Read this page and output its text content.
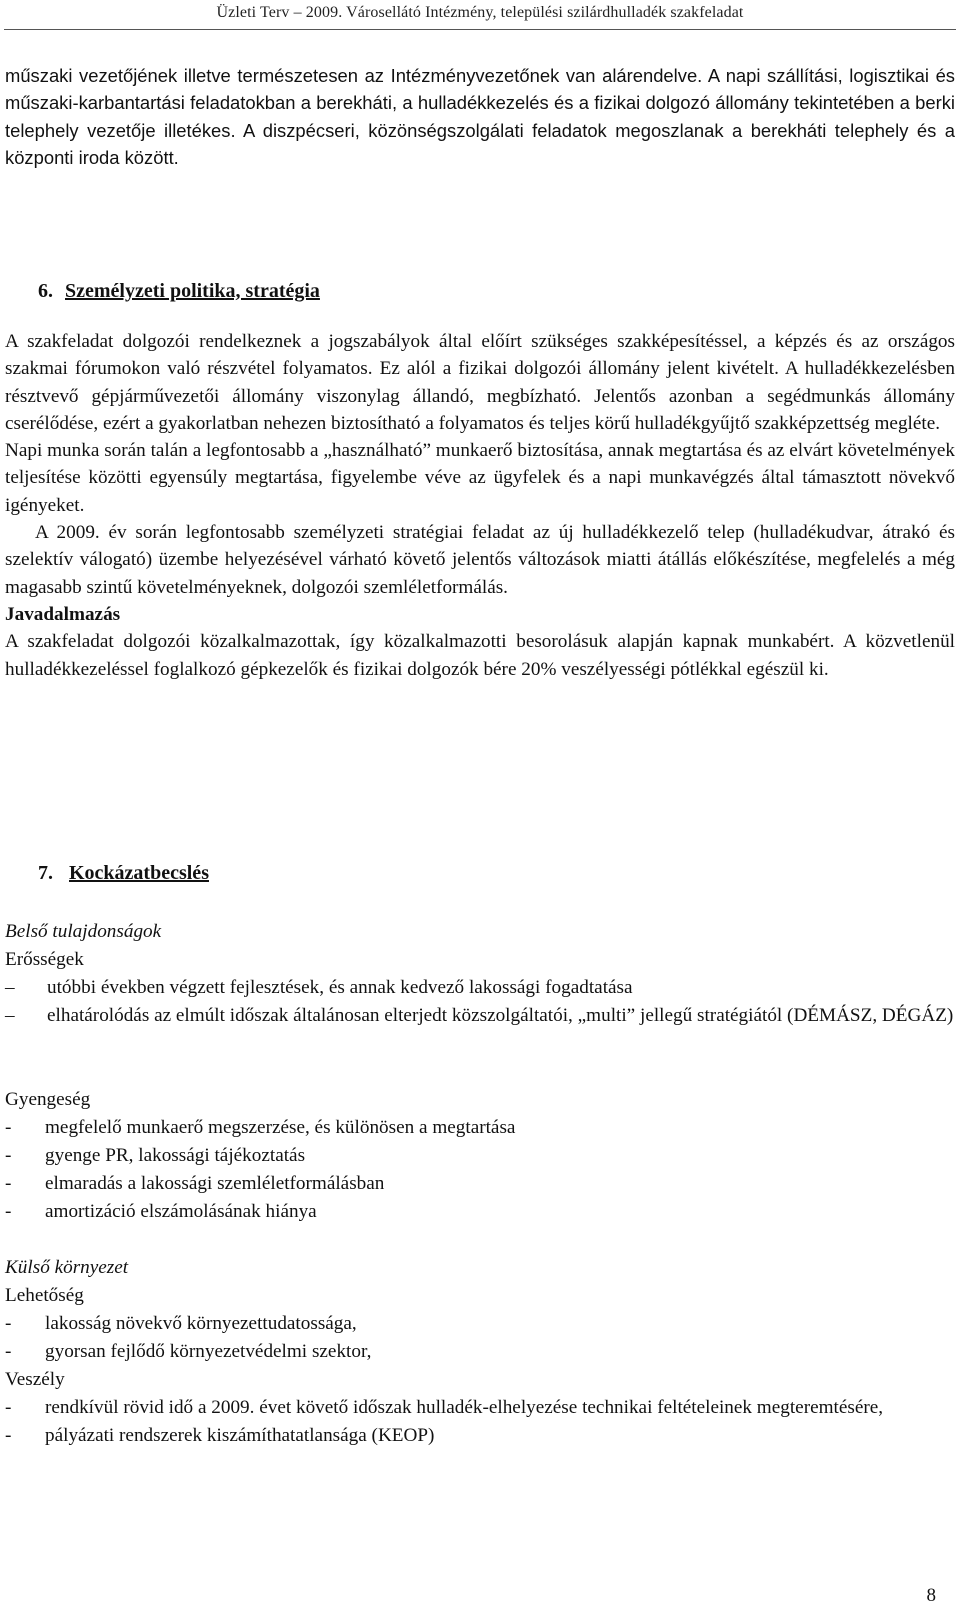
Üzleti Terv – 2009. Városellátó Intézmény, települési szilárdhulladék szakfeladat

műszaki vezetőjének illetve természetesen az Intézményvezetőnek van alárendelve. A napi szállítási, logisztikai és műszaki-karbantartási feladatokban a berekháti, a hulladékkezelés és a fizikai dolgozó állomány tekintetében a berki telephely vezetője illetékes. A diszpécseri, közönségszolgálati feladatok megoszlanak a berekháti telephely és a központi iroda között.

6. Személyzeti politika, stratégia

A szakfeladat dolgozói rendelkeznek a jogszabályok által előírt szükséges szakképesítéssel, a képzés és az országos szakmai fórumokon való részvétel folyamatos. Ez alól a fizikai dolgozói állomány jelent kivételt. A hulladékkezelésben résztvevő gépjárművezetői állomány viszonylag állandó, megbízható. Jelentős azonban a segédmunkás állomány cserélődése, ezért a gyakorlatban nehezen biztosítható a folyamatos és teljes körű hulladékgyűjtő szakképzettség megléte.

Napi munka során talán a legfontosabb a „használható” munkaerő biztosítása, annak megtartása és az elvárt követelmények teljesítése közötti egyensúly megtartása, figyelembe véve az ügyfelek és a napi munkavégzés által támasztott növekvő igényeket.

A 2009. év során legfontosabb személyzeti stratégiai feladat az új hulladékkezelő telep (hulladékudvar, átrakó és szelektív válogató) üzembe helyezésével várható követő jelentős változások miatti átállás előkészítése, megfelelés a még magasabb szintű követelményeknek, dolgozói szemléletformálás.

Javadalmazás

A szakfeladat dolgozói közalkalmazottak, így közalkalmazotti besorolásuk alapján kapnak munkabért. A közvetlenül hulladékkezeléssel foglalkozó gépkezelők és fizikai dolgozók bére 20% veszélyességi pótlékkal egészül ki.

7. Kockázatbecslés
Belső tulajdonságok
Erősségek
–	utóbbi években végzett fejlesztések, és annak kedvező lakossági fogadtatása
–	elhatárolódás az elmúlt időszak általánosan elterjedt közszolgáltatói, „multi” jellegű stratégiától (DÉMÁSZ, DÉGÁZ)
Gyengeség
-	megfelelő munkaerő megszerzése, és különösen a megtartása
-	gyenge PR, lakossági tájékoztatás
-	elmaradás a lakossági szemléletformálásban
-	amortizáció elszámolásának hiánya
Külső környezet
Lehetőség
-	lakosság növekvő környezettudatossága,
-	gyorsan fejlődő környezetvédelmi szektor,
Veszély
-	rendkívül rövid idő a 2009. évet követő időszak hulladék-elhelyezése technikai feltételeinek megteremtésére,
-	pályázati rendszerek kiszámíthatatlansága (KEOP)
8
